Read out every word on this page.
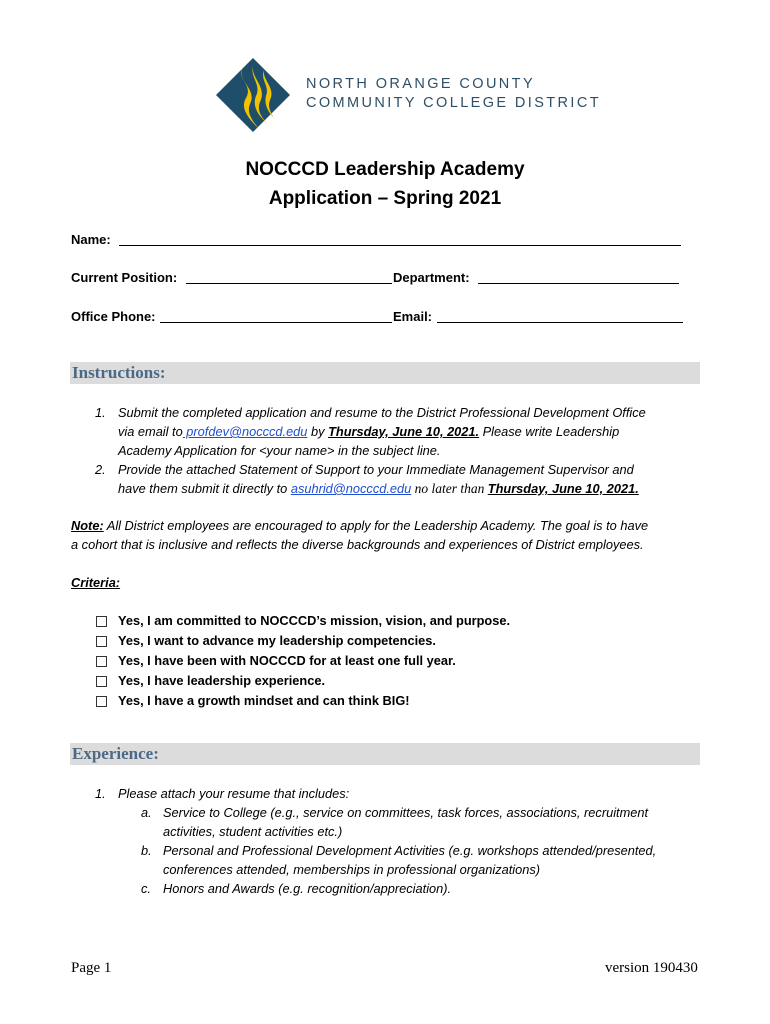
NORTH ORANGE COUNTY
COMMUNITY COLLEGE DISTRICT
NOCCCD Leadership Academy
Application – Spring 2021
Name:
Current Position:	Department:
Office Phone:	Email:
Instructions:
1. Submit the completed application and resume to the District Professional Development Office
via email to profdev@nocccd.edu by Thursday, June 10, 2021. Please write Leadership
Academy Application for <your name> in the subject line.
2. Provide the attached Statement of Support to your Immediate Management Supervisor and
have them submit it directly to asuhrid@nocccd.edu no later than Thursday, June 10, 2021.
Note: All District employees are encouraged to apply for the Leadership Academy. The goal is to have
a cohort that is inclusive and reflects the diverse backgrounds and experiences of District employees.
Criteria:
Yes, I am committed to NOCCCD’s mission, vision, and purpose.
Yes, I want to advance my leadership competencies.
Yes, I have been with NOCCCD for at least one full year.
Yes, I have leadership experience.
Yes, I have a growth mindset and can think BIG!
Experience:
1. Please attach your resume that includes:
a. Service to College (e.g., service on committees, task forces, associations, recruitment
activities, student activities etc.)
b. Personal and Professional Development Activities (e.g. workshops attended/presented,
conferences attended, memberships in professional organizations)
c. Honors and Awards (e.g. recognition/appreciation).
Page 1	version 190430
